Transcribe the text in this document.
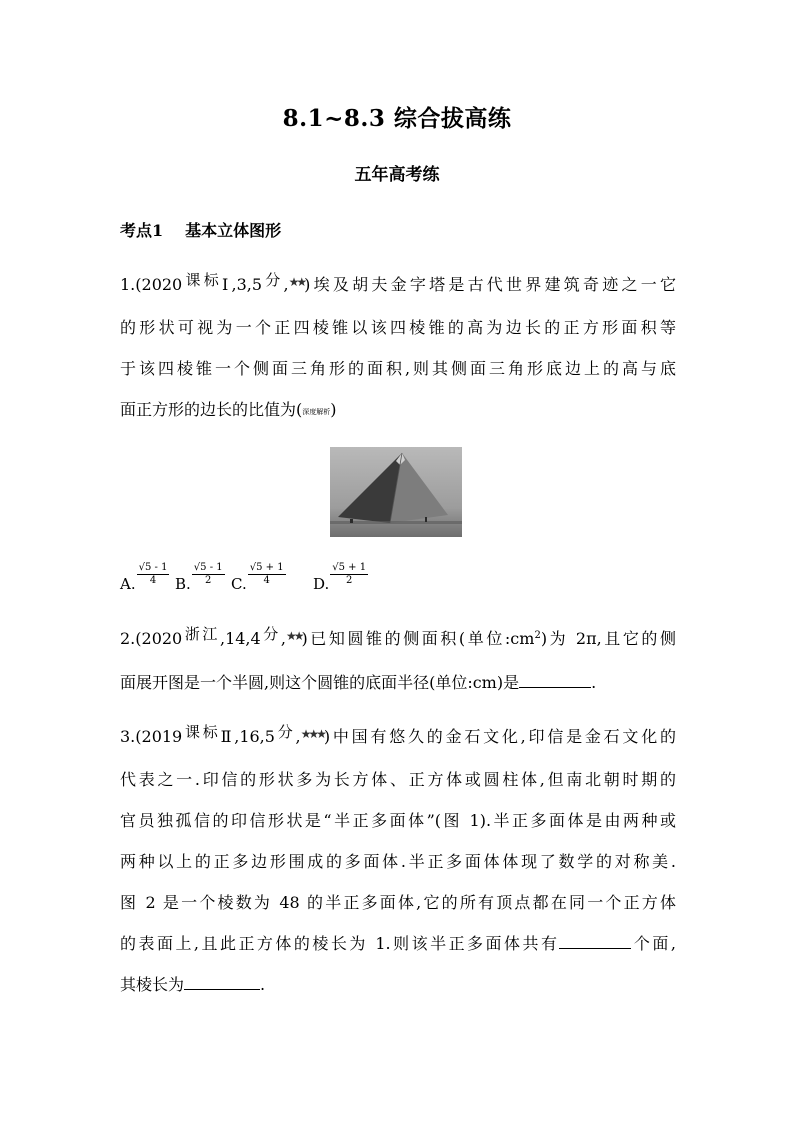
8.1~8.3 综合拔高练
五年高考练
考点1 基本立体图形
1.(2020课标Ⅰ,3,5分,★★)埃及胡夫金字塔是古代世界建筑奇迹之一它
的形状可视为一个正四棱锥以该四棱锥的高为边长的正方形面积等
于该四棱锥一个侧面三角形的面积,则其侧面三角形底边上的高与底
面正方形的边长的比值为(深度解析)
A. $\frac{√5 - 1}{4} B$. $\frac{√5 - 1}{2} C$. $\frac{√5 + 1}{4} D$. $\frac{√5 + 1}{2}$
2.(2020浙江,14,4分,★★)已知圆锥的侧面积(单位$:cm^2$)为 2π,且它的侧
面展开图是一个半圆,则这个圆锥的底面半径(单位:cm)是	.
3.(2019课标Ⅱ,16,5分,★★★)中国有悠久的金石文化,印信是金石文化的
代表之一.印信的形状多为长方体、正方体或圆柱体,但南北朝时期的
官员独孤信的印信形状是“半正多面体”(图 1).半正多面体是由两种或
两种以上的正多边形围成的多面体.半正多面体体现了数学的对称美.
图 2 是一个棱数为 48 的半正多面体,它的所有顶点都在同一个正方体
的表面上,且此正方体的棱长为 1.则该半正多面体共有	个面,
其棱长为	.
